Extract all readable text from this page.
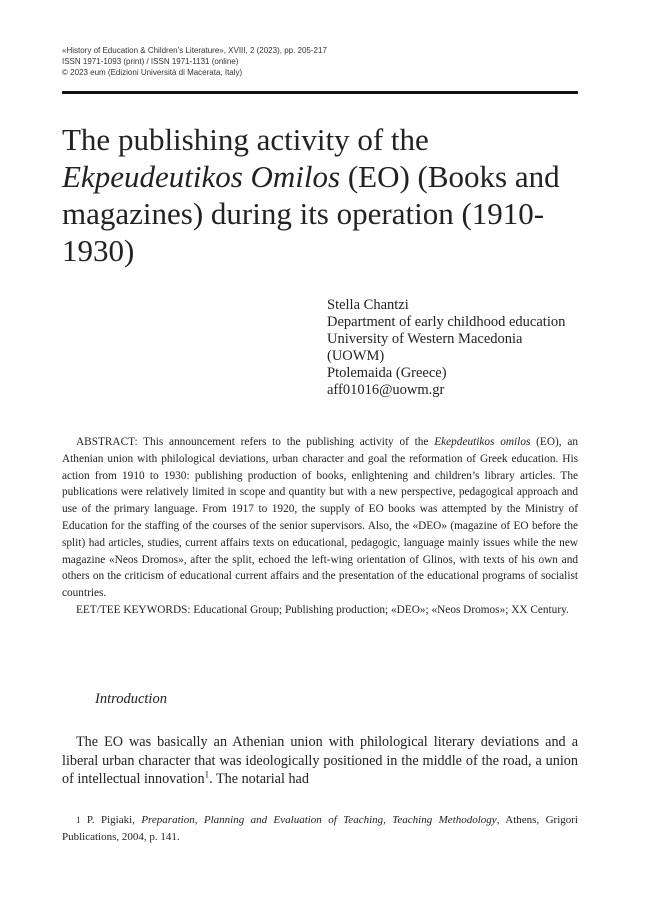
«History of Education & Children’s Literature», XVIII, 2 (2023), pp. 205-217
ISSN 1971-1093 (print) / ISSN 1971-1131 (online)
© 2023 eum (Edizioni Università di Macerata, Italy)
The publishing activity of the Ekpeudeutikos Omilos (EO) (Books and magazines) during its operation (1910-1930)
Stella Chantzi
Department of early childhood education
University of Western Macedonia
(UOWM)
Ptolemaida (Greece)
aff01016@uowm.gr

ABSTRACT: This announcement refers to the publishing activity of the Ekepdeutikos omilos (EO), an Athenian union with philological deviations, urban character and goal the reformation of Greek education. His action from 1910 to 1930: publishing production of books, enlightening and children’s library articles. The publications were relatively limited in scope and quantity but with a new perspective, pedagogical approach and use of the primary language. From 1917 to 1920, the supply of EO books was attempted by the Ministry of Education for the staffing of the courses of the senior supervisors. Also, the «DEO» (magazine of EO before the split) had articles, studies, current affairs texts on educational, pedagogic, language mainly issues while the new magazine «Neos Dromos», after the split, echoed the left-wing orientation of Glinos, with texts of his own and others on the criticism of educational current affairs and the presentation of the educational programs of socialist countries.

EET/TEE KEYWORDS: Educational Group; Publishing production; «DEO»; «Neos Dromos»; XX Century.

Introduction

The EO was basically an Athenian union with philological literary deviations and a liberal urban character that was ideologically positioned in the middle of the road, a union of intellectual innovation$^1$. The notarial had

1 P. Pigiaki, Preparation, Planning and Evaluation of Teaching, Teaching Methodology, Athens, Grigori Publications, 2004, p. 141.
